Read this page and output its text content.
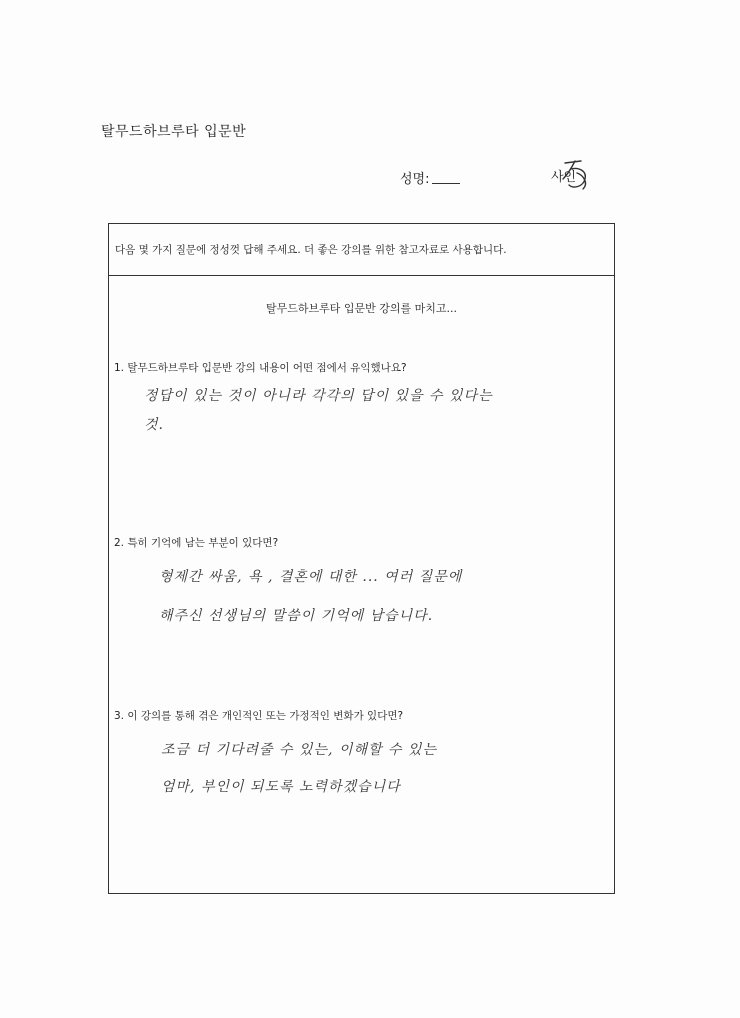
탈무드하브루타 입문반
성명:	사인
다음 몇 가지 질문에 정성껏 답해 주세요. 더 좋은 강의를 위한 참고자료로 사용합니다.
탈무드하브루타 입문반 강의를 마치고...
1. 탈무드하브루타 입문반 강의 내용이 어떤 점에서 유익했나요?
정답이 있는 것이 아니라 각각의 답이 있을 수 있다는
것.
2. 특히 기억에 남는 부분이 있다면?
형제간 싸움, 욕 , 결혼에 대한 ... 여러 질문에
해주신 선생님의 말씀이 기억에 남습니다.
3. 이 강의를 통해 겪은 개인적인 또는 가정적인 변화가 있다면?
조금 더 기다려줄 수 있는, 이해할 수 있는
엄마, 부인이 되도록 노력하겠습니다
